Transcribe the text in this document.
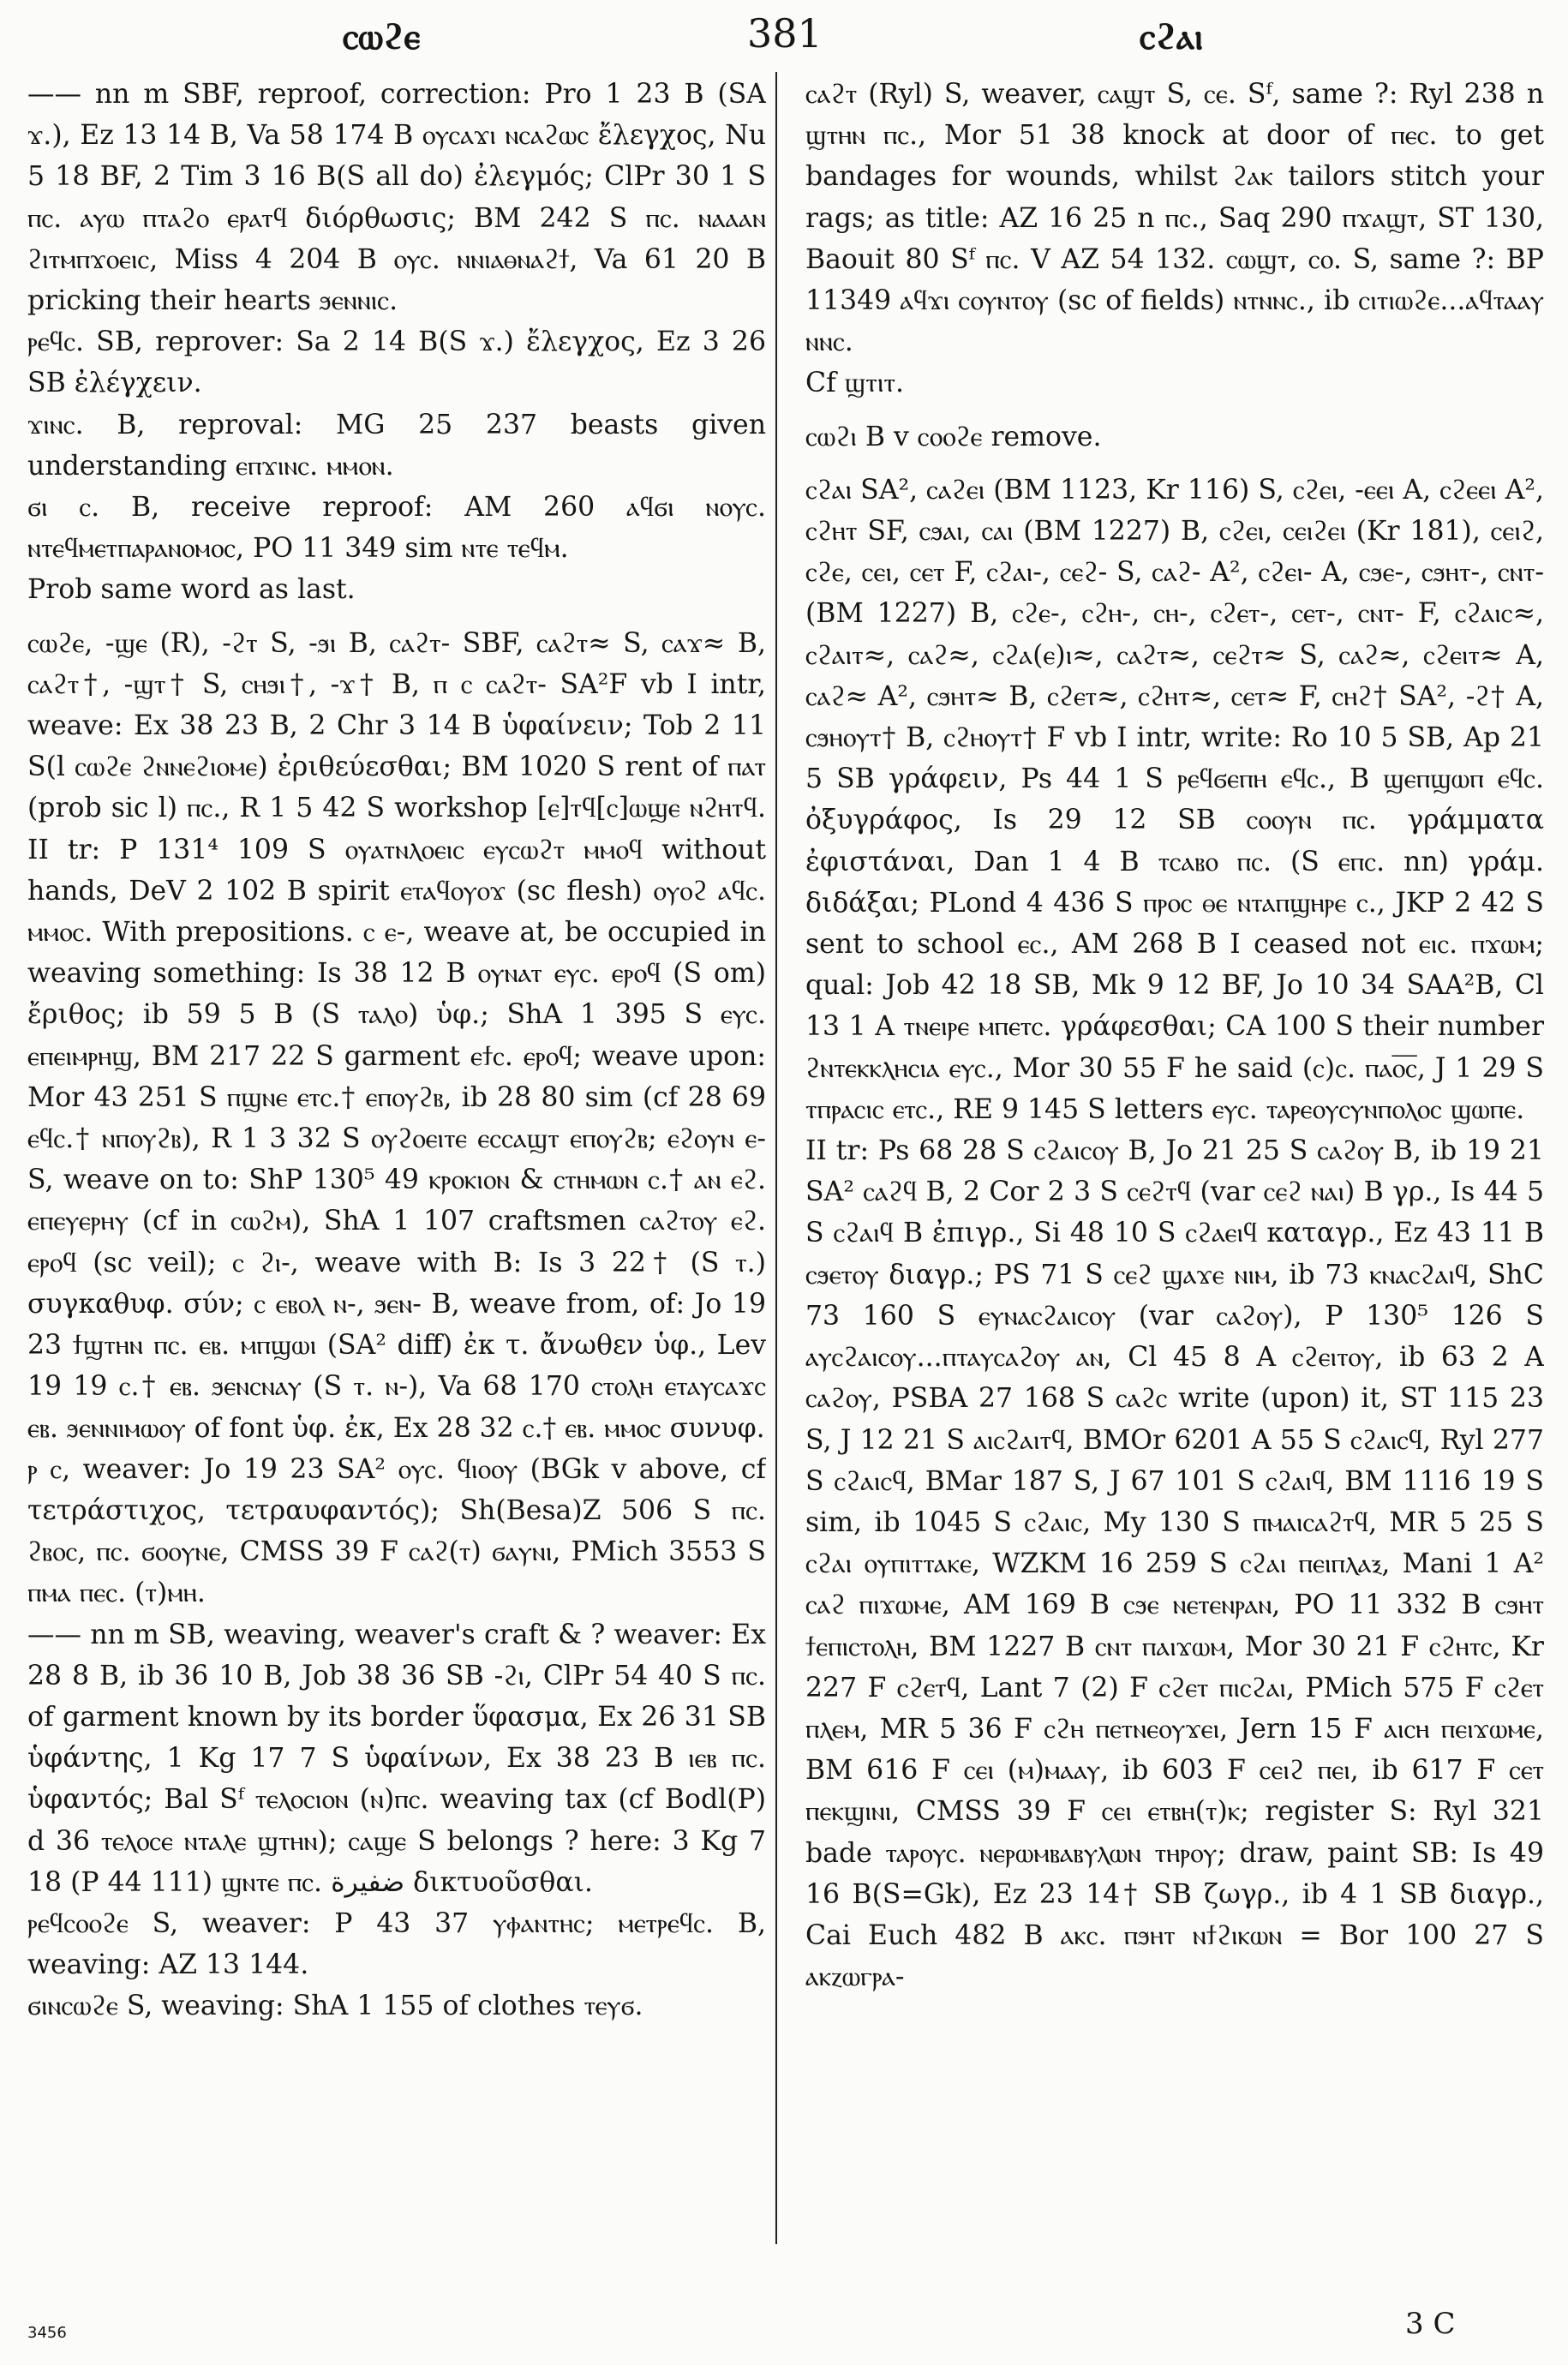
ⲥⲱϩⲉ	381	ⲥϩⲁⲓ

—— nn m SBF, reproof, correction: Pro 1 23 B (SA ϫ.), Ez 13 14 B, Va 58 174 B ⲟⲩⲥⲁϫⲓ ⲛⲥⲁϩⲱⲥ ἔλεγχος, Nu 5 18 BF, 2 Tim 3 16 B(S all do) ἐλεγμός; ClPr 30 1 S ⲡⲥ. ⲁⲩⲱ ⲡⲧⲁϩⲟ ⲉⲣⲁⲧϥ διόρθωσις; BM 242 S ⲡⲥ. ⲛⲁⲁⲁⲛ ϩⲓⲧⲙⲡϫⲟⲉⲓⲥ, Miss 4 204 B ⲟⲩⲥ. ⲛⲛⲓⲁⲑⲛⲁϩϯ, Va 61 20 B pricking their hearts ϧⲉⲛⲛⲓⲥ.

ⲣⲉϥⲥ. SB, reprover: Sa 2 14 B(S ϫ.) ἔλεγχος, Ez 3 26 SB ἐλέγχειν.

ϫⲓⲛⲥ. B, reproval: MG 25 237 beasts given understanding ⲉⲡϫⲓⲛⲥ. ⲙⲙⲟⲛ.

ϭⲓ ⲥ. B, receive reproof: AM 260 ⲁϥϭⲓ ⲛⲟⲩⲥ. ⲛⲧⲉϥⲙⲉⲧⲡⲁⲣⲁⲛⲟⲙⲟⲥ, PO 11 349 sim ⲛⲧⲉ ⲧⲉϥⲙ.

Prob same word as last.

ⲥⲱϩⲉ, -ϣⲉ (R), -ϩⲧ S, -ϧⲓ B, ⲥⲁϩⲧ- SBF, ⲥⲁϩⲧ≈ S, ⲥⲁϫ≈ B, ⲥⲁϩⲧ†, -ϣⲧ† S, ⲥⲏϧⲓ†, -ϫ† B, ⲡ ⲥ ⲥⲁϩⲧ- SA²F vb I intr, weave: Ex 38 23 B, 2 Chr 3 14 B ὑφαίνειν; Tob 2 11 S(l ⲥⲱϩⲉ ϩⲛⲛⲉϩⲓⲟⲙⲉ) ἐριθεύεσθαι; BM 1020 S rent of ⲡⲁⲧ (prob sic l) ⲡⲥ., R 1 5 42 S workshop [ⲉ]ⲧϥ[ⲥ]ⲱϣⲉ ⲛϩⲏⲧϥ. II tr: P 131⁴ 109 S ⲟⲩⲁⲧⲛⲗⲟⲉⲓⲥ ⲉⲩⲥⲱϩⲧ ⲙⲙⲟϥ without hands, DeV 2 102 B spirit ⲉⲧⲁϥⲟⲩⲟϫ (sc flesh) ⲟⲩⲟϩ ⲁϥⲥ. ⲙⲙⲟⲥ. With prepositions. ⲥ ⲉ-, weave at, be occupied in weaving something: Is 38 12 B ⲟⲩⲛⲁⲧ ⲉⲩⲥ. ⲉⲣⲟϥ (S om) ἔριθος; ib 59 5 B (S ⲧⲁⲗⲟ) ὑφ.; ShA 1 395 S ⲉⲩⲥ. ⲉⲡⲉⲓⲙⲣⲏϣ, BM 217 22 S garment ⲉϯⲥ. ⲉⲣⲟϥ; weave upon: Mor 43 251 S ⲡϣⲛⲉ ⲉⲧⲥ.† ⲉⲡⲟⲩϩⲃ, ib 28 80 sim (cf 28 69 ⲉϥⲥ.† ⲛⲡⲟⲩϩⲃ), R 1 3 32 S ⲟⲩϩⲟⲉⲓⲧⲉ ⲉⲥⲥⲁϣⲧ ⲉⲡⲟⲩϩⲃ; ⲉϩⲟⲩⲛ ⲉ- S, weave on to: ShP 130⁵ 49 ⲕⲣⲟⲕⲓⲟⲛ & ⲥⲧⲏⲙⲱⲛ ⲥ.† ⲁⲛ ⲉϩ. ⲉⲡⲉⲩⲉⲣⲏⲩ (cf in ⲥⲱϩⲙ), ShA 1 107 craftsmen ⲥⲁϩⲧⲟⲩ ⲉϩ. ⲉⲣⲟϥ (sc veil); ⲥ ϩⲓ-, weave with B: Is 3 22† (S ⲧ.) συγκαθυφ. σύν; ⲥ ⲉⲃⲟⲗ ⲛ-, ϧⲉⲛ- B, weave from, of: Jo 19 23 ϯϣⲧⲏⲛ ⲡⲥ. ⲉⲃ. ⲙⲡϣⲱⲓ (SA² diff) ἐκ τ. ἄνωθεν ὑφ., Lev 19 19 ⲥ.† ⲉⲃ. ϧⲉⲛⲥⲛⲁⲩ (S ⲧ. ⲛ-), Va 68 170 ⲥⲧⲟⲗⲏ ⲉⲧⲁⲩⲥⲁϫⲥ ⲉⲃ. ϧⲉⲛⲛⲓⲙⲱⲟⲩ of font ὑφ. ἐκ, Ex 28 32 ⲥ.† ⲉⲃ. ⲙⲙⲟⲥ συνυφ.

ⲣ ⲥ, weaver: Jo 19 23 SA² ⲟⲩⲥ. ϥⲓⲟⲟⲩ (BGk v above, cf τετράστιχος, τετραυφαντός); Sh(Besa)Z 506 S ⲡⲥ. ϩⲃⲟⲥ, ⲡⲥ. ϭⲟⲟⲩⲛⲉ, CMSS 39 F ⲥⲁϩ(ⲧ) ϭⲁⲩⲛⲓ, PMich 3553 S ⲡⲙⲁ ⲡⲉⲥ. (ⲧ)ⲙⲏ.

—— nn m SB, weaving, weaver's craft & ? weaver: Ex 28 8 B, ib 36 10 B, Job 38 36 SB -ϩⲓ, ClPr 54 40 S ⲡⲥ. of garment known by its border ὕφασμα, Ex 26 31 SB ὑφάντης, 1 Kg 17 7 S ὑφαίνων, Ex 38 23 B ⲓⲉⲃ ⲡⲥ. ὑφαντός; Bal Sᶠ ⲧⲉⲗⲟⲥⲓⲟⲛ (ⲛ)ⲡⲥ. weaving tax (cf Bodl(P) d 36 ⲧⲉⲗⲟⲥⲉ ⲛⲧⲁⲗⲉ ϣⲧⲏⲛ); ⲥⲁϣⲉ S belongs ? here: 3 Kg 7 18 (P 44 111) ϣⲛⲧⲉ ⲡⲥ. ضفيرة δικτυοῦσθαι.

ⲣⲉϥⲥⲟⲟϩⲉ S, weaver: P 43 37 ⲩⲫⲁⲛⲧⲏⲥ; ⲙⲉⲧⲣⲉϥⲥ. B, weaving: AZ 13 144.

ϭⲓⲛⲥⲱϩⲉ S, weaving: ShA 1 155 of clothes ⲧⲉⲩϭ.

ⲥⲁϩⲧ (Ryl) S, weaver, ⲥⲁϣⲧ S, ⲥⲉ. Sᶠ, same ?: Ryl 238 n ϣⲧⲏⲛ ⲡⲥ., Mor 51 38 knock at door of ⲡⲉⲥ. to get bandages for wounds, whilst ϩⲁⲕ tailors stitch your rags; as title: AZ 16 25 n ⲡⲥ., Saq 290 ⲡϫⲁϣⲧ, ST 130, Baouit 80 Sᶠ ⲡⲥ. V AZ 54 132. ⲥⲱϣⲧ, ⲥⲟ. S, same ?: BP 11349 ⲁϥϫⲓ ⲥⲟⲩⲛⲧⲟⲩ (sc of fields) ⲛⲧⲛⲛⲥ., ib ⲥⲓⲧⲓⲱϩⲉ...ⲁϥⲧⲁⲁⲩ ⲛⲛⲥ.

Cf ϣⲧⲓⲧ.

ⲥⲱϩⲓ B v ⲥⲟⲟϩⲉ remove.

ⲥϩⲁⲓ SA², ⲥⲁϩⲉⲓ (BM 1123, Kr 116) S, ⲥϩⲉⲓ, -ⲉⲉⲓ A, ⲥϩⲉⲉⲓ A², ⲥϩⲏⲧ SF, ⲥϧⲁⲓ, ⲥⲁⲓ (BM 1227) B, ⲥϩⲉⲓ, ⲥⲉⲓϩⲉⲓ (Kr 181), ⲥⲉⲓϩ, ⲥϩⲉ, ⲥⲉⲓ, ⲥⲉⲧ F, ⲥϩⲁⲓ-, ⲥⲉϩ- S, ⲥⲁϩ- A², ⲥϩⲉⲓ- A, ⲥϧⲉ-, ⲥϧⲏⲧ-, ⲥⲛⲧ- (BM 1227) B, ⲥϩⲉ-, ⲥϩⲏ-, ⲥⲏ-, ⲥϩⲉⲧ-, ⲥⲉⲧ-, ⲥⲛⲧ- F, ⲥϩⲁⲓⲥ≈, ⲥϩⲁⲓⲧ≈, ⲥⲁϩ≈, ⲥϩⲁ(ⲉ)ⲓ≈, ⲥⲁϩⲧ≈, ⲥⲉϩⲧ≈ S, ⲥⲁϩ≈, ⲥϩⲉⲓⲧ≈ A, ⲥⲁϩ≈ A², ⲥϧⲏⲧ≈ B, ⲥϩⲉⲧ≈, ⲥϩⲏⲧ≈, ⲥⲉⲧ≈ F, ⲥⲏϩ† SA², -ϩ† A, ⲥϧⲏⲟⲩⲧ† B, ⲥϩⲏⲟⲩⲧ† F vb I intr, write: Ro 10 5 SB, Ap 21 5 SB γράφειν, Ps 44 1 S ⲣⲉϥϭⲉⲡⲏ ⲉϥⲥ., B ϣⲉⲡϣⲱⲡ ⲉϥⲥ. ὀξυγράφος, Is 29 12 SB ⲥⲟⲟⲩⲛ ⲡⲥ. γράμματα ἐφιστάναι, Dan 1 4 B ⲧⲥⲁⲃⲟ ⲡⲥ. (S ⲉⲡⲥ. nn) γράμ. διδάξαι; PLond 4 436 S ⲡⲣⲟⲥ ⲑⲉ ⲛⲧⲁⲡϣⲏⲣⲉ ⲥ., JKP 2 42 S sent to school ⲉⲥ., AM 268 B I ceased not ⲉⲓⲥ. ⲡϫⲱⲙ; qual: Job 42 18 SB, Mk 9 12 BF, Jo 10 34 SAA²B, Cl 13 1 A ⲧⲛⲉⲓⲣⲉ ⲙⲡⲉⲧⲥ. γράφεσθαι; CA 100 S their number ϩⲛⲧⲉⲕⲕⲗⲏⲥⲓⲁ ⲉⲩⲥ., Mor 30 55 F he said (ⲥ)ⲥ. ⲡⲁⲟ̅ⲥ̅, J 1 29 S ⲧⲡⲣⲁⲥⲓⲥ ⲉⲧⲥ., RE 9 145 S letters ⲉⲩⲥ. ⲧⲁⲣⲉⲟⲩⲥⲩⲛⲡⲟⲗⲟⲥ ϣⲱⲡⲉ.

II tr: Ps 68 28 S ⲥϩⲁⲓⲥⲟⲩ B, Jo 21 25 S ⲥⲁϩⲟⲩ B, ib 19 21 SA² ⲥⲁϩϥ B, 2 Cor 2 3 S ⲥⲉϩⲧϥ (var ⲥⲉϩ ⲛⲁⲓ) B γρ., Is 44 5 S ⲥϩⲁⲓϥ B ἐπιγρ., Si 48 10 S ⲥϩⲁⲉⲓϥ καταγρ., Ez 43 11 B ⲥϧⲉⲧⲟⲩ διαγρ.; PS 71 S ⲥⲉϩ ϣⲁϫⲉ ⲛⲓⲙ, ib 73 ⲕⲛⲁⲥϩⲁⲓϥ, ShC 73 160 S ⲉⲩⲛⲁⲥϩⲁⲓⲥⲟⲩ (var ⲥⲁϩⲟⲩ), P 130⁵ 126 S ⲁⲩⲥϩⲁⲓⲥⲟⲩ...ⲡⲧⲁⲩⲥⲁϩⲟⲩ ⲁⲛ, Cl 45 8 A ⲥϩⲉⲓⲧⲟⲩ, ib 63 2 A ⲥⲁϩⲟⲩ, PSBA 27 168 S ⲥⲁϩⲥ write (upon) it, ST 115 23 S, J 12 21 S ⲁⲓⲥϩⲁⲓⲧϥ, BMOr 6201 A 55 S ⲥϩⲁⲓⲥϥ, Ryl 277 S ⲥϩⲁⲓⲥϥ, BMar 187 S, J 67 101 S ⲥϩⲁⲓϥ, BM 1116 19 S sim, ib 1045 S ⲥϩⲁⲓⲥ, My 130 S ⲡⲙⲁⲓⲥⲁϩⲧϥ, MR 5 25 S ⲥϩⲁⲓ ⲟⲩⲡⲓⲧⲧⲁⲕⲉ, WZKM 16 259 S ⲥϩⲁⲓ ⲡⲉⲓⲡⲗⲁⲝ, Mani 1 A² ⲥⲁϩ ⲡⲓϫⲱⲙⲉ, AM 169 B ⲥϧⲉ ⲛⲉⲧⲉⲛⲣⲁⲛ, PO 11 332 B ⲥϧⲏⲧ ϯⲉⲡⲓⲥⲧⲟⲗⲏ, BM 1227 B ⲥⲛⲧ ⲡⲁⲓϫⲱⲙ, Mor 30 21 F ⲥϩⲏⲧⲥ, Kr 227 F ⲥϩⲉⲧϥ, Lant 7 (2) F ⲥϩⲉⲧ ⲡⲓⲥϩⲁⲓ, PMich 575 F ⲥϩⲉⲧ ⲡⲗⲉⲙ, MR 5 36 F ⲥϩⲏ ⲡⲉⲧⲛⲉⲟⲩϫⲉⲓ, Jern 15 F ⲁⲓⲥⲏ ⲡⲉⲓϫⲱⲙⲉ, BM 616 F ⲥⲉⲓ (ⲙ)ⲙⲁⲁⲩ, ib 603 F ⲥⲉⲓϩ ⲡⲉⲓ, ib 617 F ⲥⲉⲧ ⲡⲉⲕϣⲓⲛⲓ, CMSS 39 F ⲥⲉⲓ ⲉⲧⲃⲏ(ⲧ)ⲕ; register S: Ryl 321 bade ⲧⲁⲣⲟⲩⲥ. ⲛⲉⲣⲱⲙⲃⲁⲃⲩⲗⲱⲛ ⲧⲏⲣⲟⲩ; draw, paint SB: Is 49 16 B(S=Gk), Ez 23 14† SB ζωγρ., ib 4 1 SB διαγρ., Cai Euch 482 B ⲁⲕⲥ. ⲡϧⲏⲧ ⲛϯϩⲓⲕⲱⲛ = Bor 100 27 S ⲁⲕⲍⲱⲅⲣⲁ-

3456	3 C
